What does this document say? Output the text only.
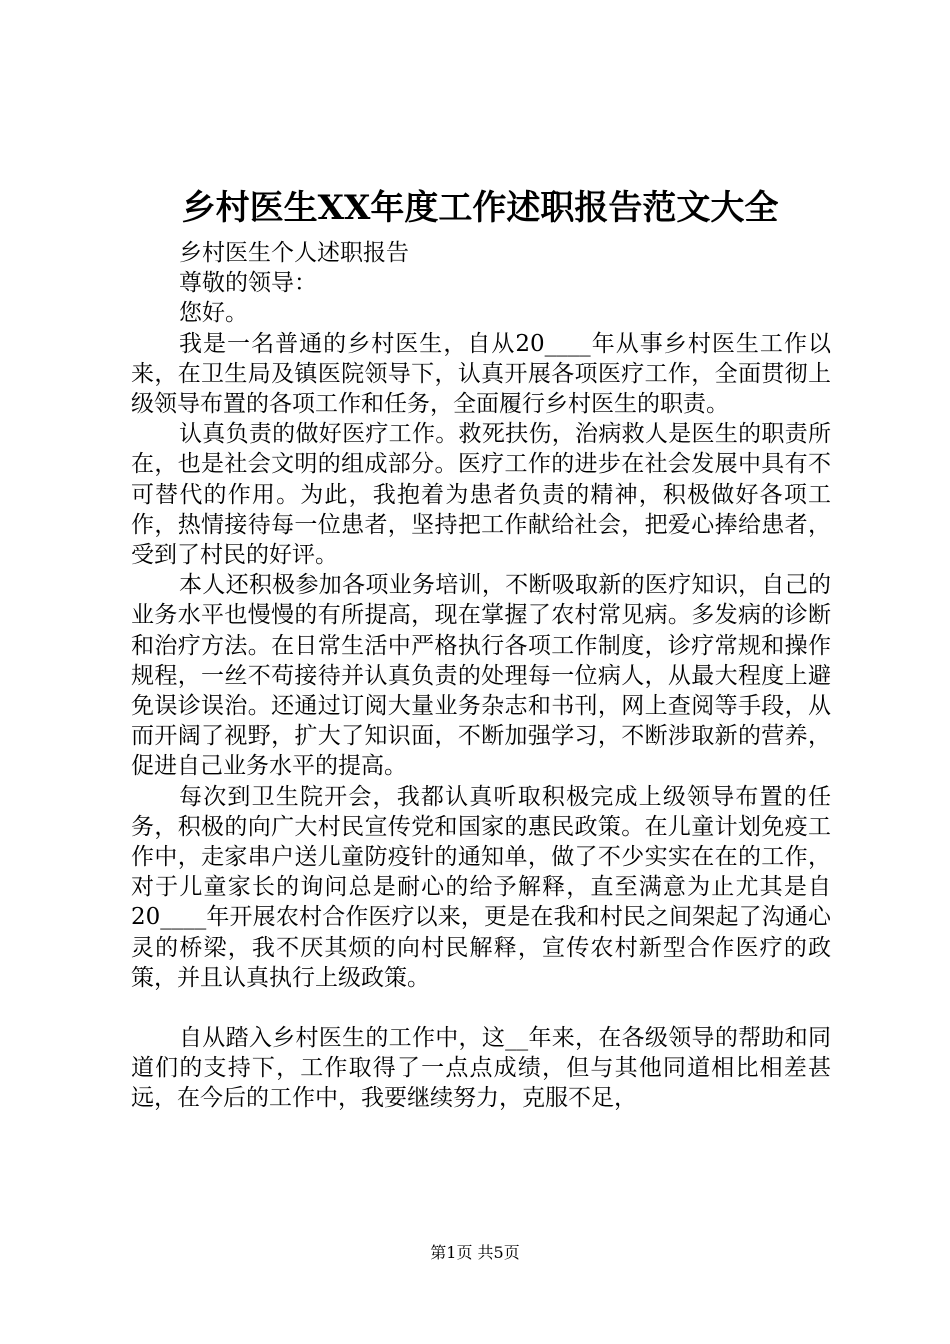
乡村医生XX年度工作述职报告范文大全

乡村医生个人述职报告

尊敬的领导：

您好。

我是一名普通的乡村医生，自从20____年从事乡村医生工作以来，在卫生局及镇医院领导下，认真开展各项医疗工作，全面贯彻上级领导布置的各项工作和任务，全面履行乡村医生的职责。

认真负责的做好医疗工作。救死扶伤，治病救人是医生的职责所在，也是社会文明的组成部分。医疗工作的进步在社会发展中具有不可替代的作用。为此，我抱着为患者负责的精神，积极做好各项工作，热情接待每一位患者，坚持把工作献给社会，把爱心捧给患者，受到了村民的好评。

本人还积极参加各项业务培训，不断吸取新的医疗知识，自己的业务水平也慢慢的有所提高，现在掌握了农村常见病。多发病的诊断和治疗方法。在日常生活中严格执行各项工作制度，诊疗常规和操作规程，一丝不苟接待并认真负责的处理每一位病人，从最大程度上避免误诊误治。还通过订阅大量业务杂志和书刊，网上查阅等手段，从而开阔了视野，扩大了知识面，不断加强学习，不断涉取新的营养，促进自己业务水平的提高。

每次到卫生院开会，我都认真听取积极完成上级领导布置的任务，积极的向广大村民宣传党和国家的惠民政策。在儿童计划免疫工作中，走家串户送儿童防疫针的通知单，做了不少实实在在的工作，对于儿童家长的询问总是耐心的给予解释，直至满意为止尤其是自20____年开展农村合作医疗以来，更是在我和村民之间架起了沟通心灵的桥梁，我不厌其烦的向村民解释，宣传农村新型合作医疗的政策，并且认真执行上级政策。

自从踏入乡村医生的工作中，这__年来，在各级领导的帮助和同道们的支持下，工作取得了一点点成绩，但与其他同道相比相差甚远，在今后的工作中，我要继续努力，克服不足，

第1页 共5页
